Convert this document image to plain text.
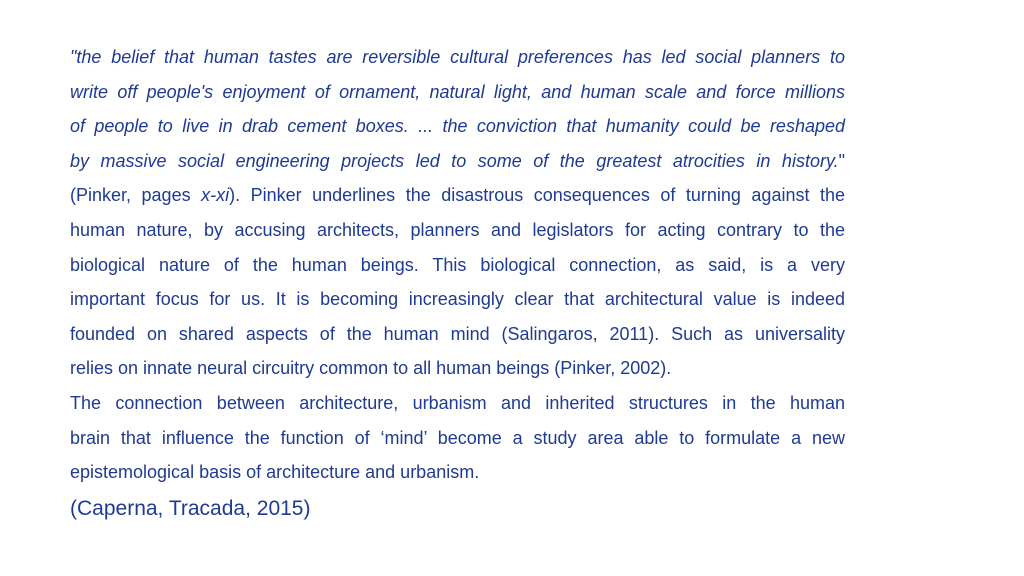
"the belief that human tastes are reversible cultural preferences has led social planners to
write off people's enjoyment of ornament, natural light, and human scale and force millions
of people to live in drab cement boxes. ... the conviction that humanity could be reshaped
by massive social engineering projects led to some of the greatest atrocities in history."
(Pinker, pages x-xi). Pinker underlines the disastrous consequences of turning against the
human nature, by accusing architects, planners and legislators for acting contrary to the
biological nature of the human beings. This biological connection, as said, is a very
important focus for us. It is becoming increasingly clear that architectural value is indeed
founded on shared aspects of the human mind (Salingaros, 2011). Such as universality
relies on innate neural circuitry common to all human beings (Pinker, 2002).
The connection between architecture, urbanism and inherited structures in the human
brain that influence the function of ‘mind’ become a study area able to formulate a new
epistemological basis of architecture and urbanism.
(Caperna, Tracada, 2015)
